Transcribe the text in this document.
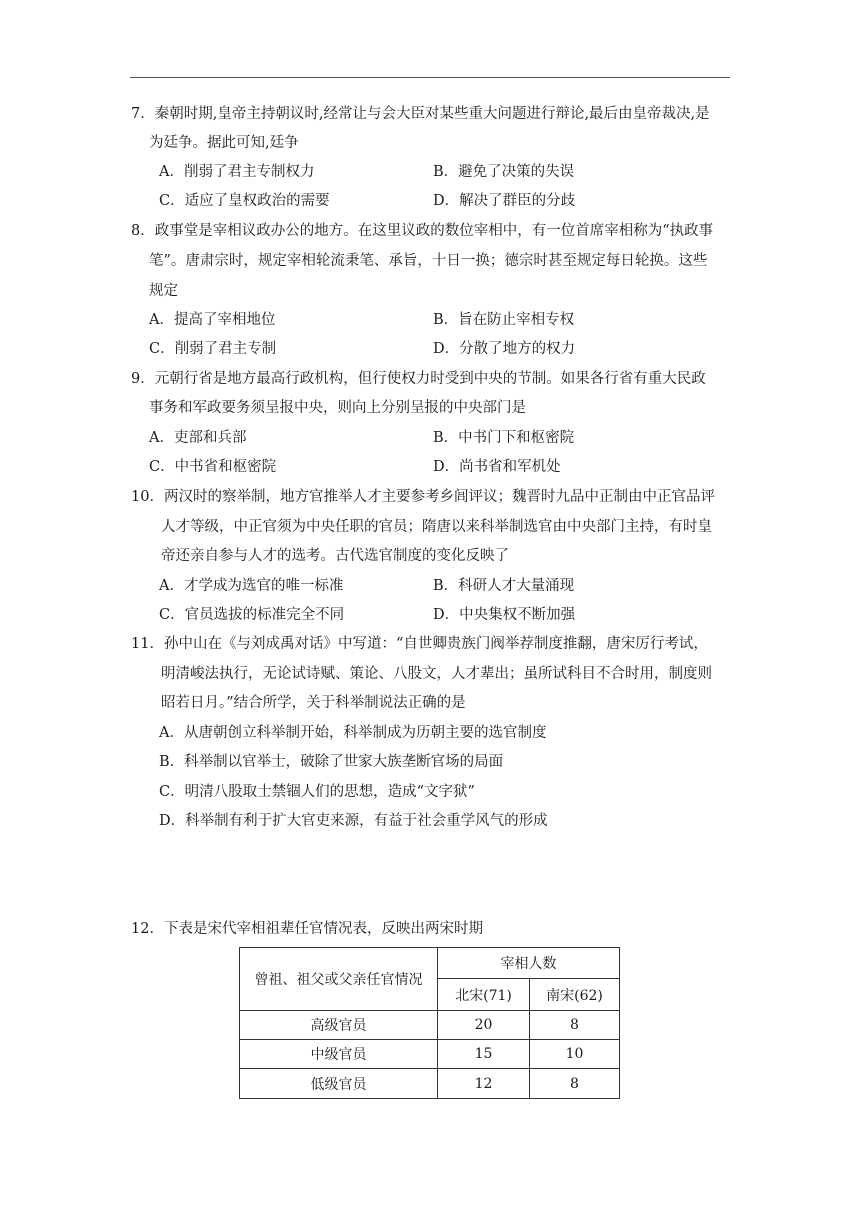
7．秦朝时期,皇帝主持朝议时,经常让与会大臣对某些重大问题进行辩论,最后由皇帝裁决,是
为廷争。据此可知,廷争
A．削弱了君主专制权力	B．避免了决策的失误
C．适应了皇权政治的需要	D．解决了群臣的分歧
8．政事堂是宰相议政办公的地方。在这里议政的数位宰相中，有一位首席宰相称为“执政事
笔”。唐肃宗时，规定宰相轮流秉笔、承旨，十日一换；德宗时甚至规定每日轮换。这些
规定
A．提高了宰相地位	B．旨在防止宰相专权
C．削弱了君主专制	D．分散了地方的权力
9．元朝行省是地方最高行政机构，但行使权力时受到中央的节制。如果各行省有重大民政
事务和军政要务须呈报中央，则向上分别呈报的中央部门是
A．吏部和兵部	B．中书门下和枢密院
C．中书省和枢密院	D．尚书省和军机处
10．两汉时的察举制，地方官推举人才主要参考乡闾评议；魏晋时九品中正制由中正官品评
人才等级，中正官须为中央任职的官员；隋唐以来科举制选官由中央部门主持，有时皇
帝还亲自参与人才的选考。古代选官制度的变化反映了
A．才学成为选官的唯一标准	B．科研人才大量涌现
C．官员选拔的标准完全不同	D．中央集权不断加强
11．孙中山在《与刘成禹对话》中写道：“自世卿贵族门阀举荐制度推翻，唐宋厉行考试，
明清峻法执行，无论试诗赋、策论、八股文，人才辈出；虽所试科目不合时用，制度则
昭若日月。”结合所学，关于科举制说法正确的是
A．从唐朝创立科举制开始，科举制成为历朝主要的选官制度
B．科举制以官举士，破除了世家大族垄断官场的局面
C．明清八股取士禁锢人们的思想，造成“文字狱”
D．科举制有利于扩大官吏来源，有益于社会重学风气的形成
12．下表是宋代宰相祖辈任官情况表，反映出两宋时期
曾祖、祖父或父亲任官情况	宰相人数	
	北宋(71)	南宋(62)
高级官员	20	8
中级官员	15	10
低级官员	12	8
